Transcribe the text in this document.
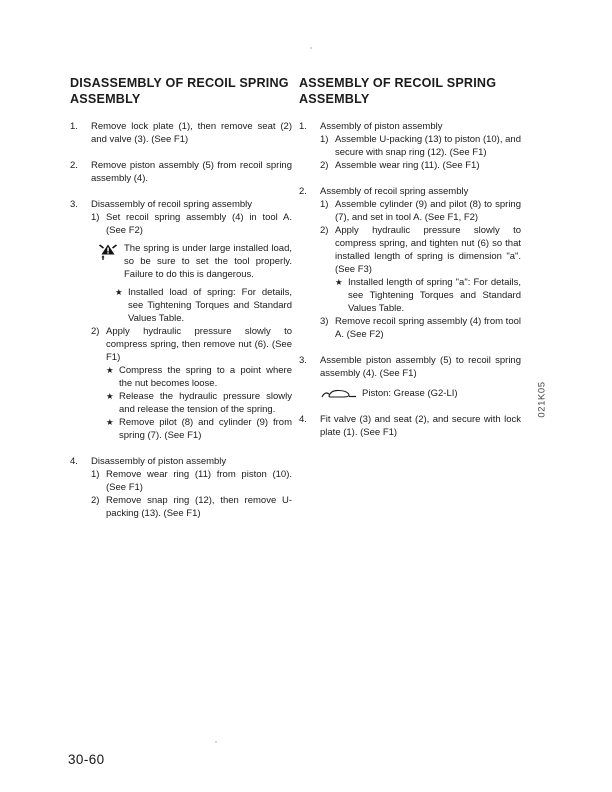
DISASSEMBLY OF RECOIL SPRING ASSEMBLY
1. Remove lock plate (1), then remove seat (2) and valve (3). (See F1)
2. Remove piston assembly (5) from recoil spring assembly (4).
3. Disassembly of recoil spring assembly
1) Set recoil spring assembly (4) in tool A. (See F2)
The spring is under large installed load, so be sure to set the tool properly. Failure to do this is dangerous.
★ Installed load of spring: For details, see Tightening Torques and Standard Values Table.
2) Apply hydraulic pressure slowly to compress spring, then remove nut (6). (See F1)
★ Compress the spring to a point where the nut becomes loose.
★ Release the hydraulic pressure slowly and release the tension of the spring.
★ Remove pilot (8) and cylinder (9) from spring (7). (See F1)
4. Disassembly of piston assembly
1) Remove wear ring (11) from piston (10). (See F1)
2) Remove snap ring (12), then remove U-packing (13). (See F1)
ASSEMBLY OF RECOIL SPRING ASSEMBLY
1. Assembly of piston assembly
1) Assemble U-packing (13) to piston (10), and secure with snap ring (12). (See F1)
2) Assemble wear ring (11). (See F1)
2. Assembly of recoil spring assembly
1) Assemble cylinder (9) and pilot (8) to spring (7), and set in tool A. (See F1, F2)
2) Apply hydraulic pressure slowly to compress spring, and tighten nut (6) so that installed length of spring is dimension "a". (See F3)
★ Installed length of spring "a": For details, see Tightening Torques and Standard Values Table.
3) Remove recoil spring assembly (4) from tool A. (See F2)
3. Assemble piston assembly (5) to recoil spring assembly (4). (See F1)
Piston: Grease (G2-LI)
4. Fit valve (3) and seat (2), and secure with lock plate (1). (See F1)
30-60
021K05
